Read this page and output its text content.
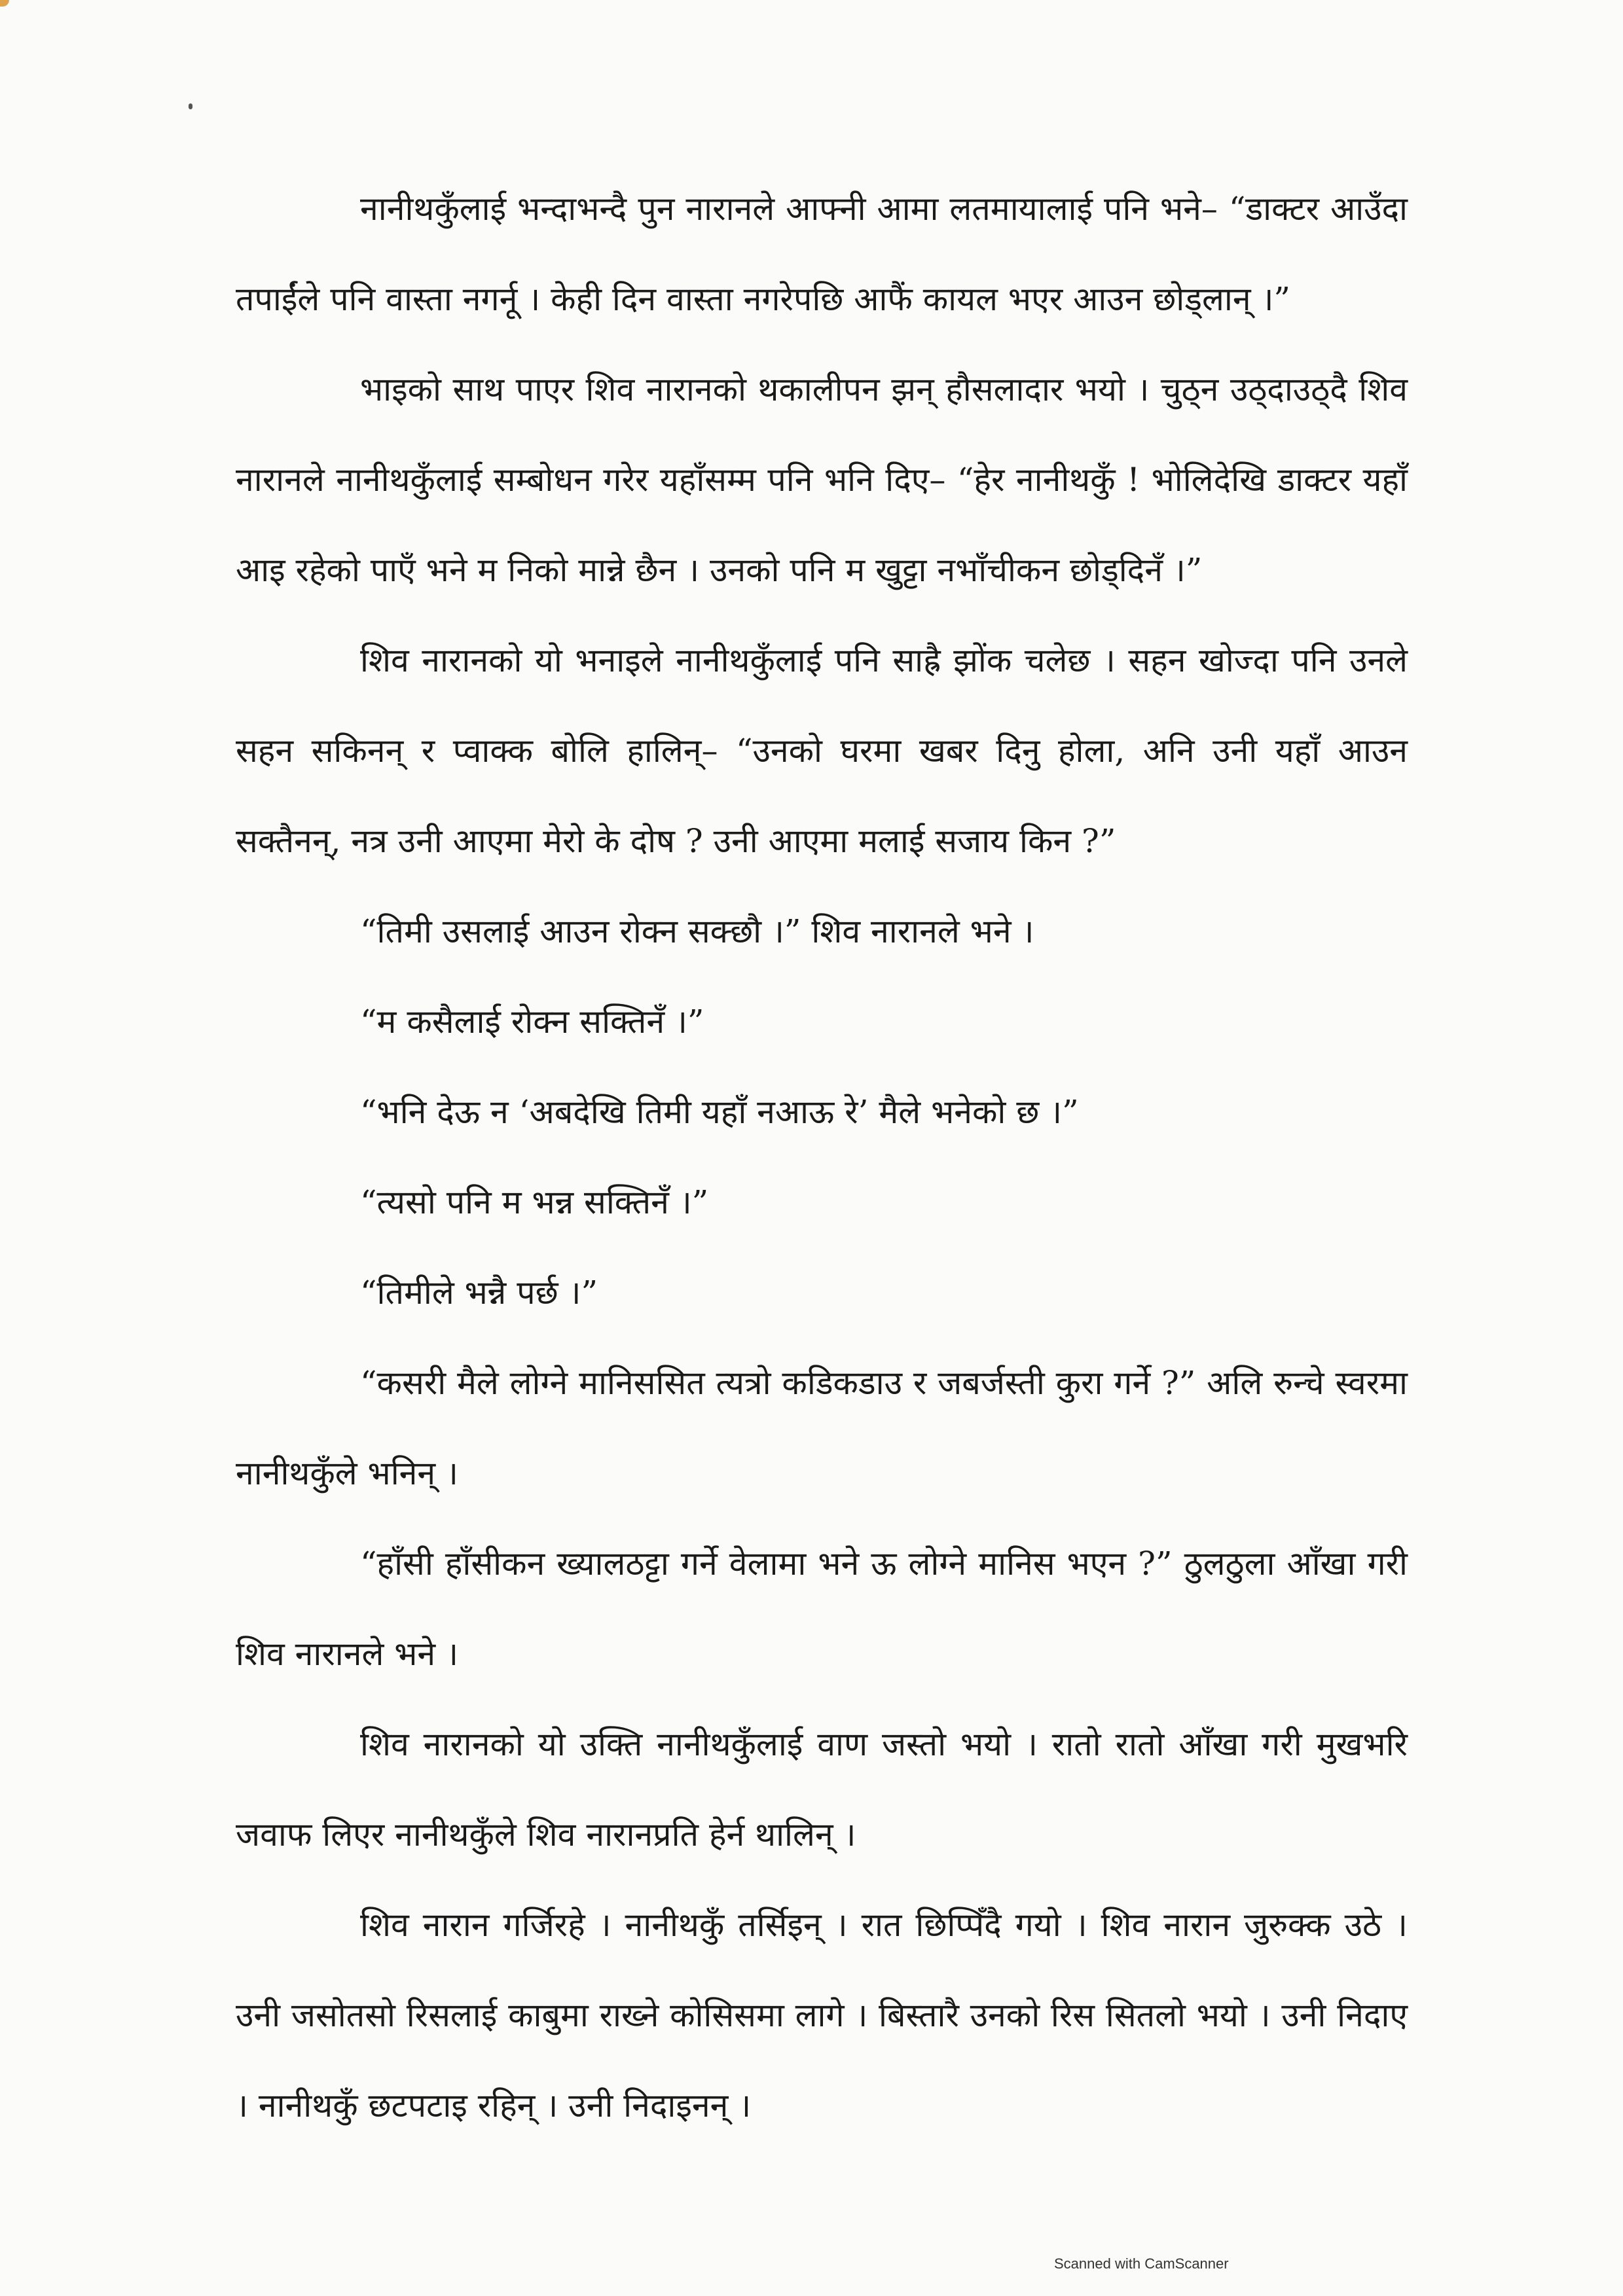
नानीथकुँलाई भन्दाभन्दै पुन नारानले आफ्नी आमा लतमायालाई पनि भने– “डाक्टर आउँदा तपाईंले पनि वास्ता नगर्नू । केही दिन वास्ता नगरेपछि आफैं कायल भएर आउन छोड्लान् ।”

भाइको साथ पाएर शिव नारानको थकालीपन झन् हौसलादार भयो । चुठ्न उठ्दाउठ्दै शिव नारानले नानीथकुँलाई सम्बोधन गरेर यहाँसम्म पनि भनि दिए– “हेर नानीथकुँ ! भोलिदेखि डाक्टर यहाँ आइ रहेको पाएँ भने म निको मान्ने छैन । उनको पनि म खुट्टा नभाँचीकन छोड्दिनँ ।”

शिव नारानको यो भनाइले नानीथकुँलाई पनि साह्रै झोंक चलेछ । सहन खोज्दा पनि उनले सहन सकिनन् र प्वाक्क बोलि हालिन्– “उनको घरमा खबर दिनु होला, अनि उनी यहाँ आउन सक्तैनन्, नत्र उनी आएमा मेरो के दोष ? उनी आएमा मलाई सजाय किन ?”

“तिमी उसलाई आउन रोक्न सक्छौ ।” शिव नारानले भने ।

“म कसैलाई रोक्न सक्तिनँ ।”

“भनि देऊ न ‘अबदेखि तिमी यहाँ नआऊ रे’ मैले भनेको छ ।”

“त्यसो पनि म भन्न सक्तिनँ ।”

“तिमीले भन्नै पर्छ ।”

“कसरी मैले लोग्ने मानिससित त्यत्रो कडिकडाउ र जबर्जस्ती कुरा गर्ने ?” अलि रुन्चे स्वरमा नानीथकुँले भनिन् ।

“हाँसी हाँसीकन ख्यालठट्टा गर्ने वेलामा भने ऊ लोग्ने मानिस भएन ?” ठुलठुला आँखा गरी शिव नारानले भने ।

शिव नारानको यो उक्ति नानीथकुँलाई वाण जस्तो भयो । रातो रातो आँखा गरी मुखभरि जवाफ लिएर नानीथकुँले शिव नारानप्रति हेर्न थालिन् ।

शिव नारान गर्जिरहे । नानीथकुँ तर्सिइन् । रात छिप्पिँदै गयो । शिव नारान जुरुक्क उठे । उनी जसोतसो रिसलाई काबुमा राख्ने कोसिसमा लागे । बिस्तारै उनको रिस सितलो भयो । उनी निदाए । नानीथकुँ छटपटाइ रहिन् । उनी निदाइनन् ।

Scanned with CamScanner
